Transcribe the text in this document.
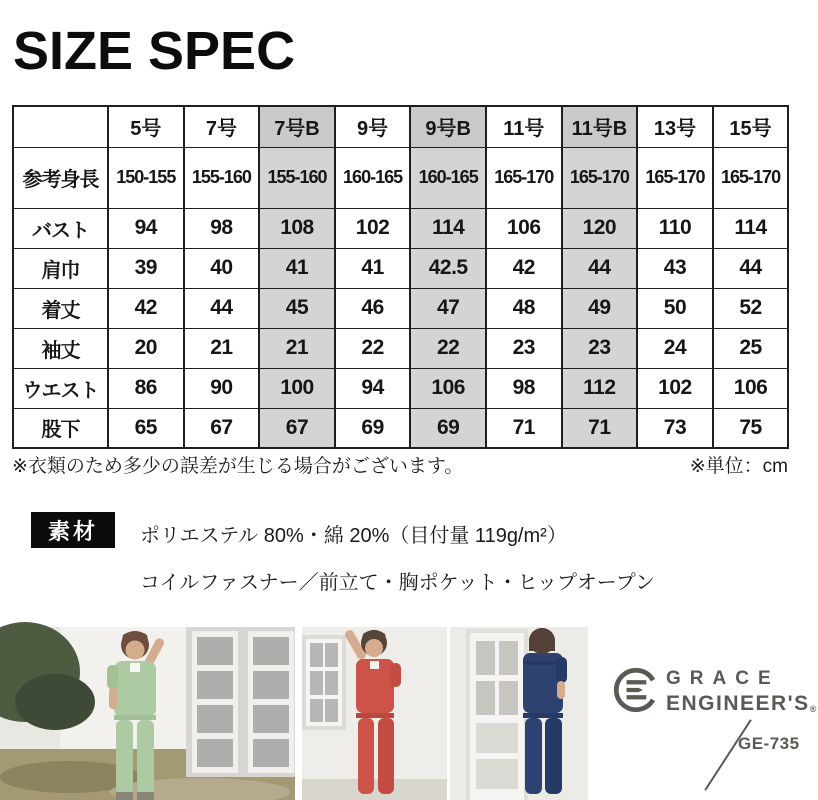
SIZE SPEC
	5号	7号	7号B	9号	9号B	11号	11号B	13号	15号
参考身長	150-155	155-160	155-160	160-165	160-165	165-170	165-170	165-170	165-170
バスト	94	98	108	102	114	106	120	110	114
肩巾	39	40	41	41	42.5	42	44	43	44
着丈	42	44	45	46	47	48	49	50	52
袖丈	20	21	21	22	22	23	23	24	25
ウエスト	86	90	100	94	106	98	112	102	106
股下	65	67	67	69	69	71	71	73	75
※衣類のため多少の誤差が生じる場合がございます。	※単位：cm
素材	ポリエステル 80%・綿 20%（目付量 119g/m²）
コイルファスナー／前立て・胸ポケット・ヒップオープン

GRACE

ENGINEER'S®

GE-735
